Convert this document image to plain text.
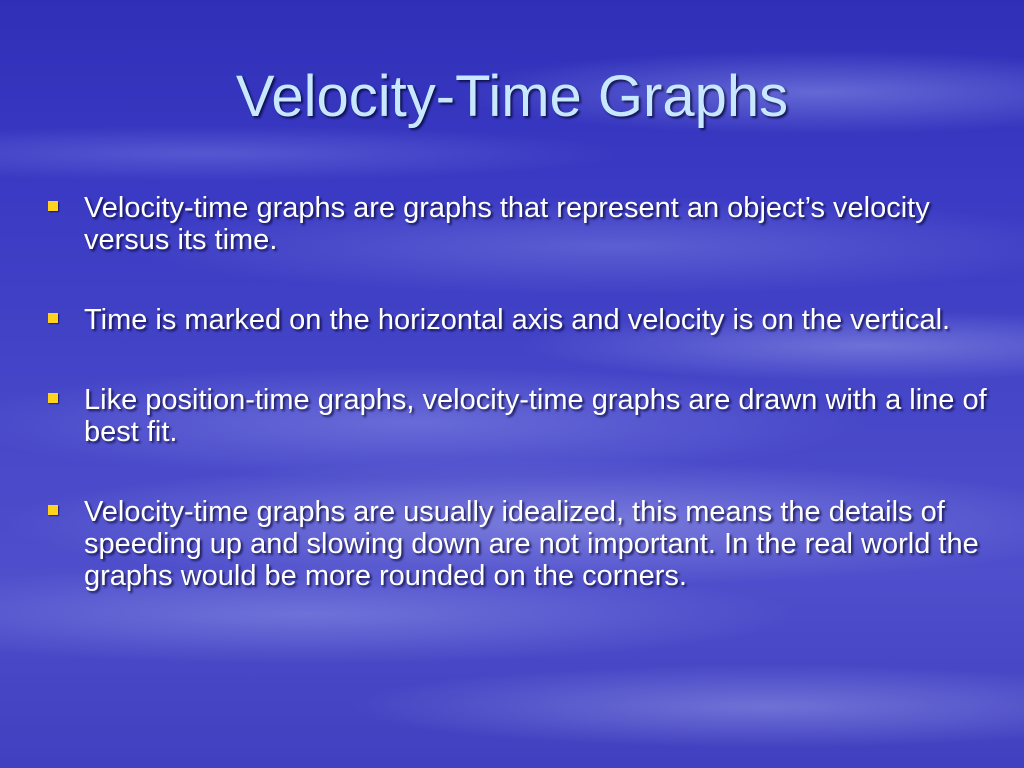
Velocity-Time Graphs
Velocity-time graphs are graphs that represent an object’s velocity versus its time.
Time is marked on the horizontal axis and velocity is on the vertical.
Like position-time graphs, velocity-time graphs are drawn with a line of best fit.
Velocity-time graphs are usually idealized, this means the details of speeding up and slowing down are not important. In the real world the graphs would be more rounded on the corners.
